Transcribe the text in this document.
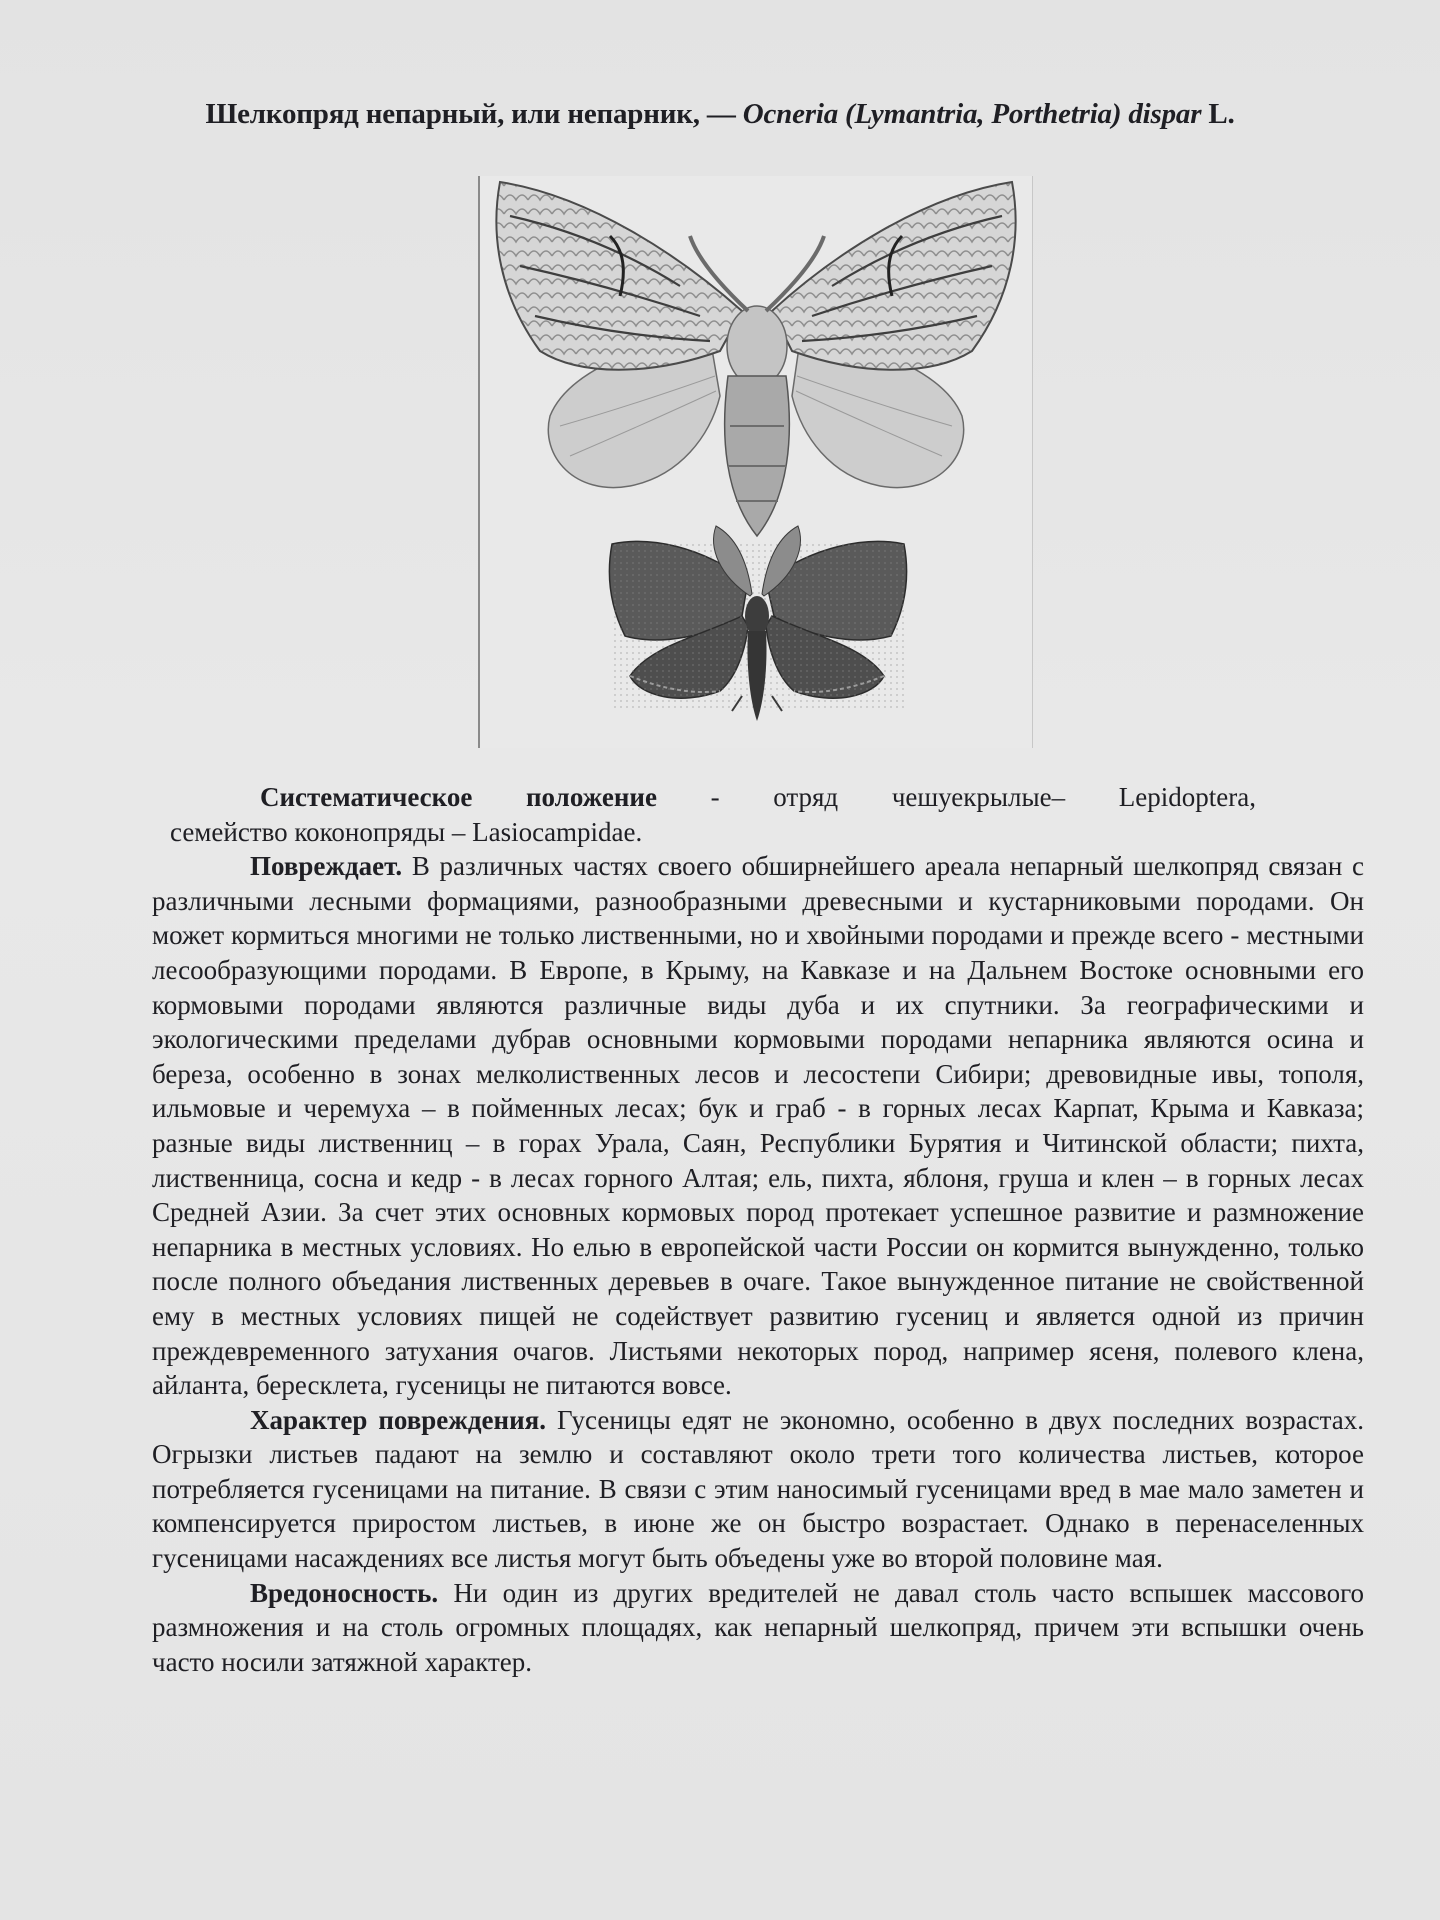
Шелкопряд непарный, или непарник, — Ocneria (Lymantria, Porthetria) dispar L.

Систематическое положение - отряд чешуекрылые– Lepidoptera,

семейство коконопряды – Lasiocampidae.

Повреждает. В различных частях своего обширнейшего ареала непарный шелкопряд связан с различными лесными формациями, разнообразными древесными и кустарниковыми породами. Он может кормиться многими не только лиственными, но и хвойными породами и прежде всего - местными лесообразующими породами. В Европе, в Крыму, на Кавказе и на Дальнем Востоке основными его кормовыми породами являются различные виды дуба и их спутники. За географическими и экологическими пределами дубрав основными кормовыми породами непарника являются осина и береза, особенно в зонах мелколиственных лесов и лесостепи Сибири; древовидные ивы, тополя, ильмовые и черемуха – в пойменных лесах; бук и граб - в горных лесах Карпат, Крыма и Кавказа; разные виды лиственниц – в горах Урала, Саян, Республики Бурятия и Читинской области; пихта, лиственница, сосна и кедр - в лесах горного Алтая; ель, пихта, яблоня, груша и клен – в горных лесах Средней Азии. За счет этих основных кормовых пород протекает успешное развитие и размножение непарника в местных условиях. Но елью в европейской части России он кормится вынужденно, только после полного объедания лиственных деревьев в очаге. Такое вынужденное питание не свойственной ему в местных условиях пищей не содействует развитию гусениц и является одной из причин преждевременного затухания очагов. Листьями некоторых пород, например ясеня, полевого клена, айланта, бересклета, гусеницы не питаются вовсе.

Характер повреждения. Гусеницы едят не экономно, особенно в двух последних возрастах. Огрызки листьев падают на землю и составляют около трети того количества листьев, которое потребляется гусеницами на питание. В связи с этим наносимый гусеницами вред в мае мало заметен и компенсируется приростом листьев, в июне же он быстро возрастает. Однако в перенаселенных гусеницами насаждениях все листья могут быть объедены уже во второй половине мая.

Вредоносность. Ни один из других вредителей не давал столь часто вспышек массового размножения и на столь огромных площадях, как непарный шелкопряд, причем эти вспышки очень часто носили затяжной характер.
